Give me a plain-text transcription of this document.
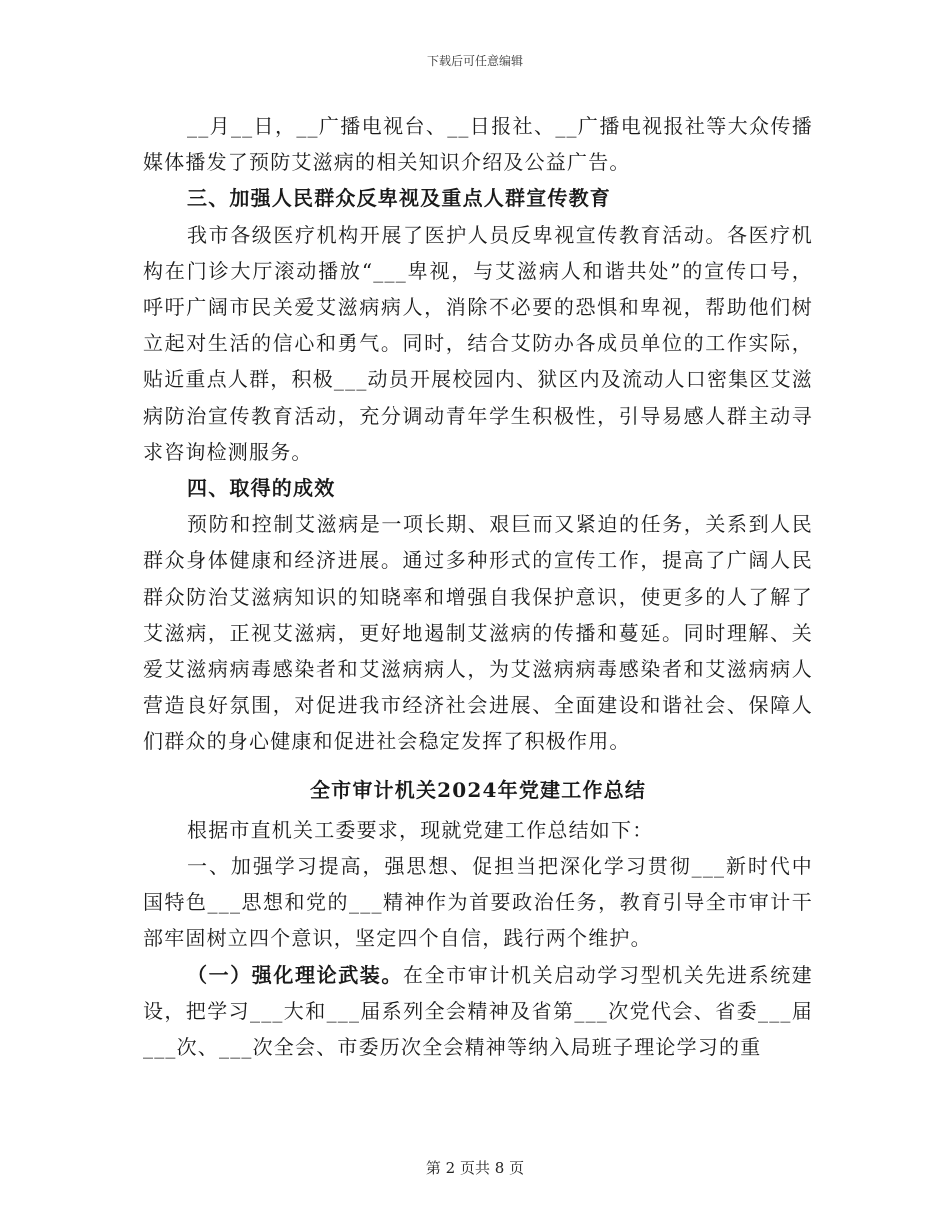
下载后可任意编辑

__月__日，__广播电视台、__日报社、__广播电视报社等大众传播媒体播发了预防艾滋病的相关知识介绍及公益广告。

三、加强人民群众反卑视及重点人群宣传教育

我市各级医疗机构开展了医护人员反卑视宣传教育活动。各医疗机构在门诊大厅滚动播放“___卑视，与艾滋病人和谐共处”的宣传口号，呼吁广阔市民关爱艾滋病病人，消除不必要的恐惧和卑视，帮助他们树立起对生活的信心和勇气。同时，结合艾防办各成员单位的工作实际，贴近重点人群，积极___动员开展校园内、狱区内及流动人口密集区艾滋病防治宣传教育活动，充分调动青年学生积极性，引导易感人群主动寻求咨询检测服务。

四、取得的成效

预防和控制艾滋病是一项长期、艰巨而又紧迫的任务，关系到人民群众身体健康和经济进展。通过多种形式的宣传工作，提高了广阔人民群众防治艾滋病知识的知晓率和增强自我保护意识，使更多的人了解了艾滋病，正视艾滋病，更好地遏制艾滋病的传播和蔓延。同时理解、关爱艾滋病病毒感染者和艾滋病病人，为艾滋病病毒感染者和艾滋病病人营造良好氛围，对促进我市经济社会进展、全面建设和谐社会、保障人们群众的身心健康和促进社会稳定发挥了积极作用。

全市审计机关2024年党建工作总结

根据市直机关工委要求，现就党建工作总结如下：

一、加强学习提高，强思想、促担当把深化学习贯彻___新时代中国特色___思想和党的___精神作为首要政治任务，教育引导全市审计干部牢固树立四个意识，坚定四个自信，践行两个维护。

（一）强化理论武装。在全市审计机关启动学习型机关先进系统建设，把学习___大和___届系列全会精神及省第___次党代会、省委___届___次、___次全会、市委历次全会精神等纳入局班子理论学习的重

第 2 页共 8 页
